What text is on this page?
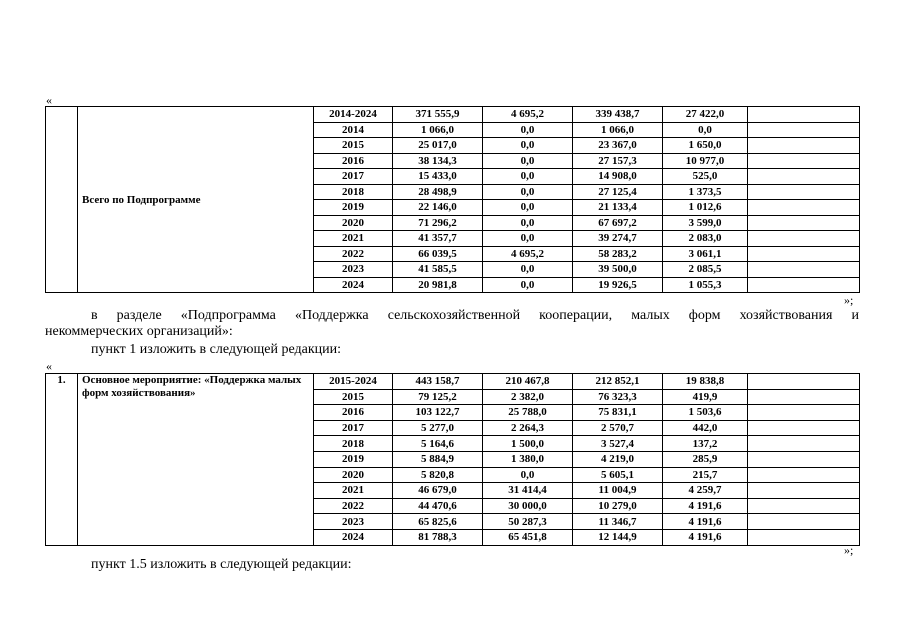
«
	Всего по Подпрограмме	2014-2024	371 555,9	4 695,2	339 438,7	27 422,0	
		2014	1 066,0	0,0	1 066,0	0,0	
		2015	25 017,0	0,0	23 367,0	1 650,0	
		2016	38 134,3	0,0	27 157,3	10 977,0	
		2017	15 433,0	0,0	14 908,0	525,0	
		2018	28 498,9	0,0	27 125,4	1 373,5	
		2019	22 146,0	0,0	21 133,4	1 012,6	
		2020	71 296,2	0,0	67 697,2	3 599,0	
		2021	41 357,7	0,0	39 274,7	2 083,0	
		2022	66 039,5	4 695,2	58 283,2	3 061,1	
		2023	41 585,5	0,0	39 500,0	2 085,5	
		2024	20 981,8	0,0	19 926,5	1 055,3	
»;
в разделе «Подпрограмма «Поддержка сельскохозяйственной кооперации, малых форм хозяйствования и
некоммерческих организаций»:
пункт 1 изложить в следующей редакции:
«
1.	Основное мероприятие: «Поддержка малых форм хозяйствования»	2015-2024	443 158,7	210 467,8	212 852,1	19 838,8	
		2015	79 125,2	2 382,0	76 323,3	419,9	
		2016	103 122,7	25 788,0	75 831,1	1 503,6	
		2017	5 277,0	2 264,3	2 570,7	442,0	
		2018	5 164,6	1 500,0	3 527,4	137,2	
		2019	5 884,9	1 380,0	4 219,0	285,9	
		2020	5 820,8	0,0	5 605,1	215,7	
		2021	46 679,0	31 414,4	11 004,9	4 259,7	
		2022	44 470,6	30 000,0	10 279,0	4 191,6	
		2023	65 825,6	50 287,3	11 346,7	4 191,6	
		2024	81 788,3	65 451,8	12 144,9	4 191,6	
»;
пункт 1.5 изложить в следующей редакции:
